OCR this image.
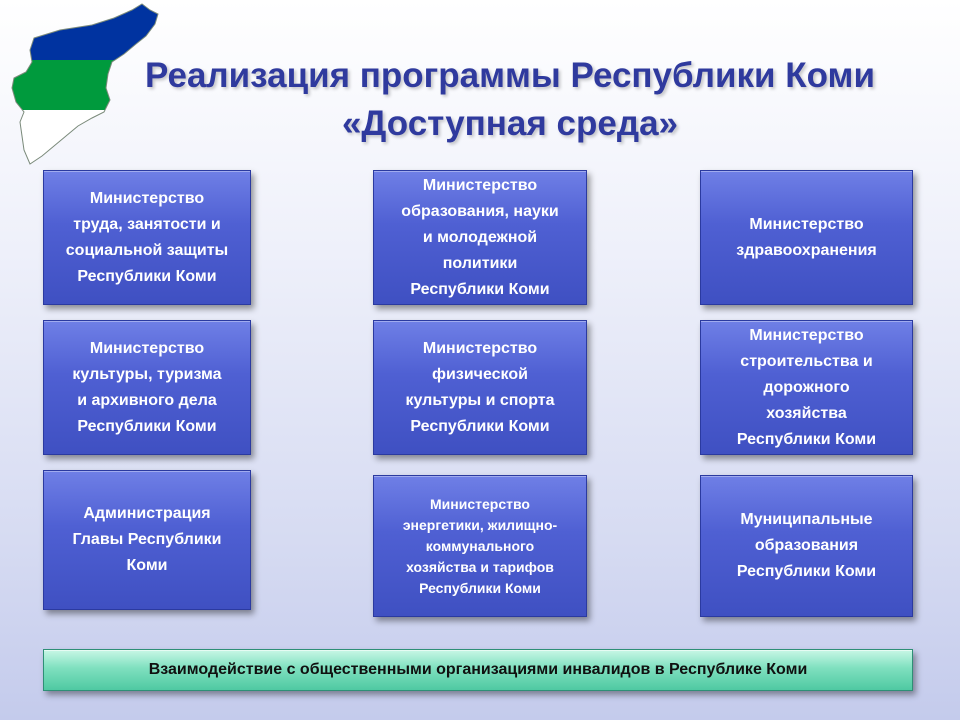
Реализация программы Республики Коми
«Доступная среда»
Министерство
труда, занятости и
социальной защиты
Республики Коми
Министерство
образования, науки
и молодежной
политики
Республики Коми
Министерство
здравоохранения
Министерство
культуры, туризма
и архивного дела
Республики Коми
Министерство
физической
культуры и спорта
Республики Коми
Министерство
строительства и
дорожного
хозяйства
Республики Коми
Администрация
Главы Республики
Коми
Министерство
энергетики, жилищно-
коммунального
хозяйства и тарифов
Республики Коми
Муниципальные
образования
Республики Коми
Взаимодействие с общественными организациями инвалидов в Республике Коми
